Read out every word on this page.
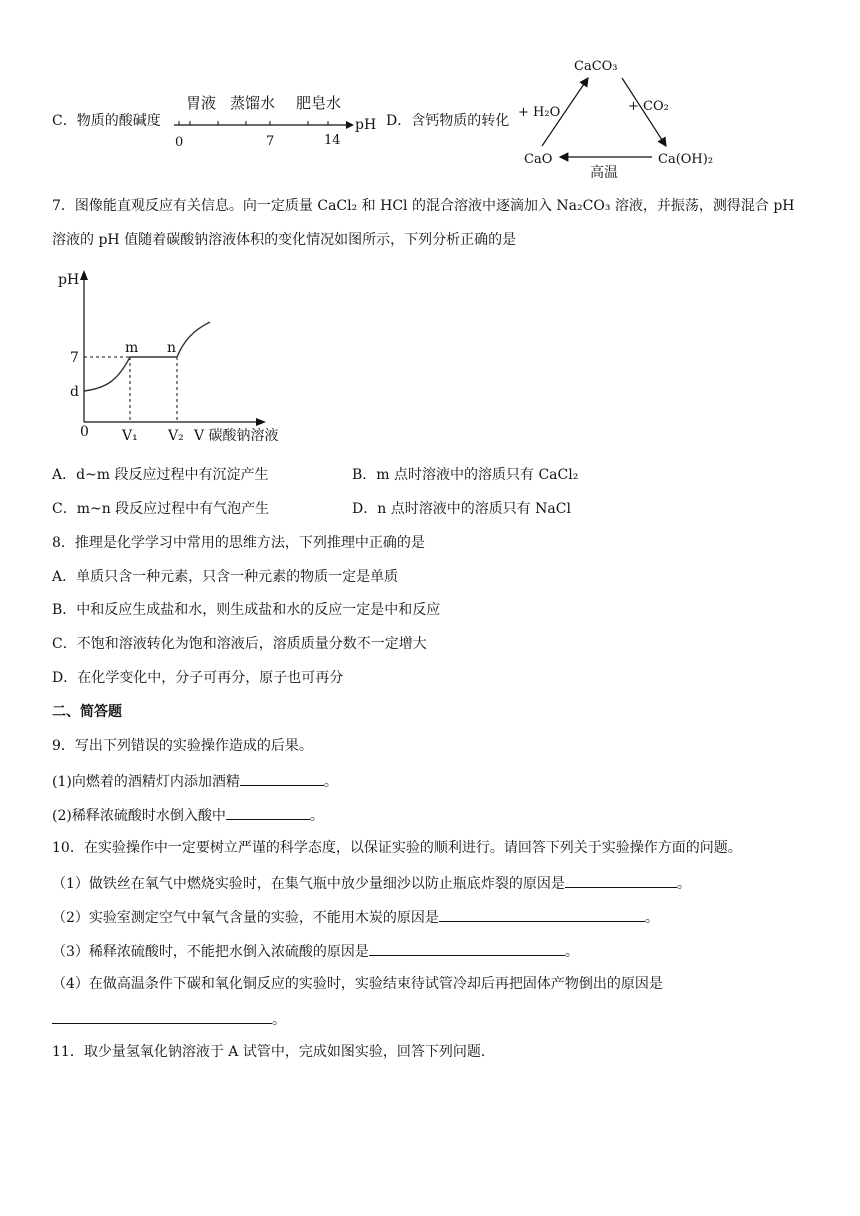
C．物质的酸碱度
胃液 蒸馏水 肥皂水
0	7	14
pH D．含钙物质的转化
CaCO₃
CaO	Ca(OH)₂
+ H₂O	+ CO₂
高温
7．图像能直观反应有关信息。向一定质量 CaCl₂ 和 HCl 的混合溶液中逐滴加入 Na₂CO₃ 溶液，并振荡，测得混合 pH
溶液的 pH 值随着碳酸钠溶液体积的变化情况如图所示，下列分析正确的是
pH
7
d
0
m n
V₁ V₂ V 碳酸钠溶液
A．d~m 段反应过程中有沉淀产生	B．m 点时溶液中的溶质只有 CaCl₂
C．m~n 段反应过程中有气泡产生	D．n 点时溶液中的溶质只有 NaCl
8．推理是化学学习中常用的思维方法，下列推理中正确的是
A．单质只含一种元素，只含一种元素的物质一定是单质
B．中和反应生成盐和水，则生成盐和水的反应一定是中和反应
C．不饱和溶液转化为饱和溶液后，溶质质量分数不一定增大
D．在化学变化中，分子可再分，原子也可再分
二、简答题
9．写出下列错误的实验操作造成的后果。
(1)向燃着的酒精灯内添加酒精	。
(2)稀释浓硫酸时水倒入酸中	。
10．在实验操作中一定要树立严谨的科学态度，以保证实验的顺利进行。请回答下列关于实验操作方面的问题。
（1）做铁丝在氧气中燃烧实验时，在集气瓶中放少量细沙以防止瓶底炸裂的原因是	。
（2）实验室测定空气中氧气含量的实验，不能用木炭的原因是	。
（3）稀释浓硫酸时，不能把水倒入浓硫酸的原因是	。
（4）在做高温条件下碳和氧化铜反应的实验时，实验结束待试管冷却后再把固体产物倒出的原因是
。
11．取少量氢氧化钠溶液于 A 试管中，完成如图实验，回答下列问题．
